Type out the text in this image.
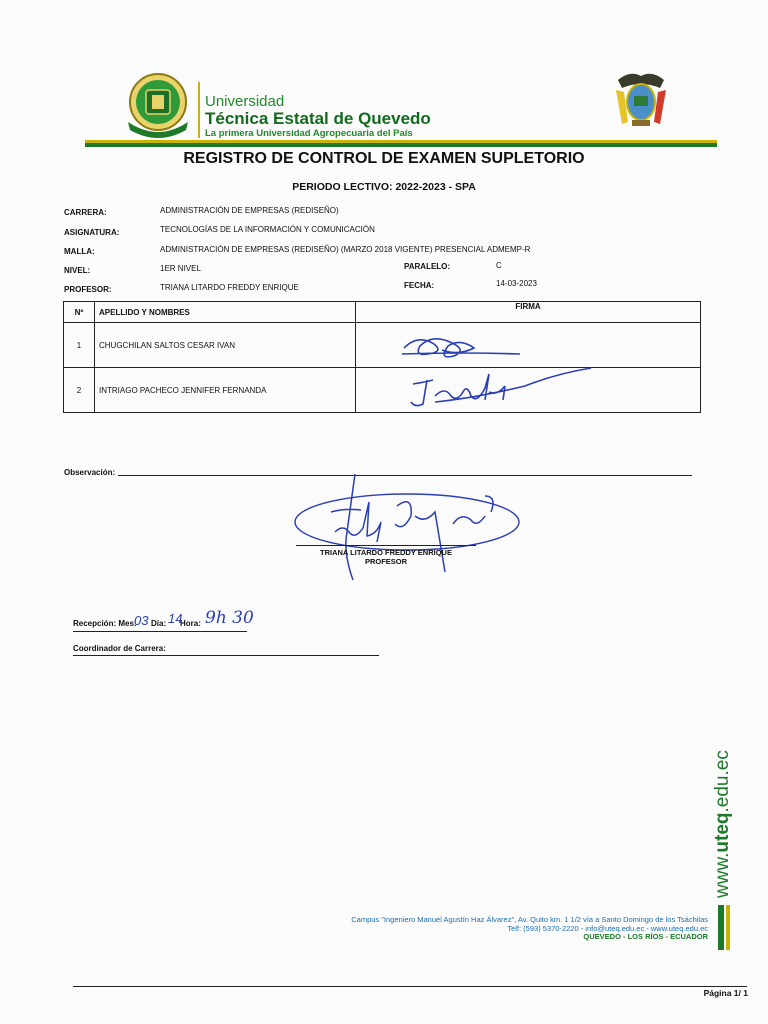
Universidad
Técnica Estatal de Quevedo
La primera Universidad Agropecuaria del País
REGISTRO DE CONTROL DE EXAMEN SUPLETORIO
PERIODO LECTIVO: 2022-2023 - SPA
CARRERA:	ADMINISTRACIÓN DE EMPRESAS (REDISEÑO)
ASIGNATURA:	TECNOLOGÍAS DE LA INFORMACIÓN Y COMUNICACIÓN
MALLA:	ADMINISTRACIÓN DE EMPRESAS (REDISEÑO) (MARZO 2018 VIGENTE) PRESENCIAL ADMEMP-R
NIVEL:	1ER NIVEL	PARALELO:	C
PROFESOR:	TRIANA LITARDO FREDDY ENRIQUE	FECHA:	14-03-2023
Nº	APELLIDO Y NOMBRES	FIRMA
1	CHUGCHILAN SALTOS CESAR IVAN	
2	INTRIAGO PACHECO JENNIFER FERNANDA	
Observación:
TRIANA LITARDO FREDDY ENRIQUE
PROFESOR
Recepción: Mes:
03 Día: 14
Hora: 9h 30
Coordinador de Carrera:
www.uteq.edu.ec
Campus "Ingeniero Manuel Agustín Haz Álvarez", Av. Quito km. 1 1/2 vía a Santo Domingo de los Tsáchilas
Telf: (593) 5370-2220 - info@uteq.edu.ec - www.uteq.edu.ec
QUEVEDO - LOS RÍOS - ECUADOR
Página 1/ 1
